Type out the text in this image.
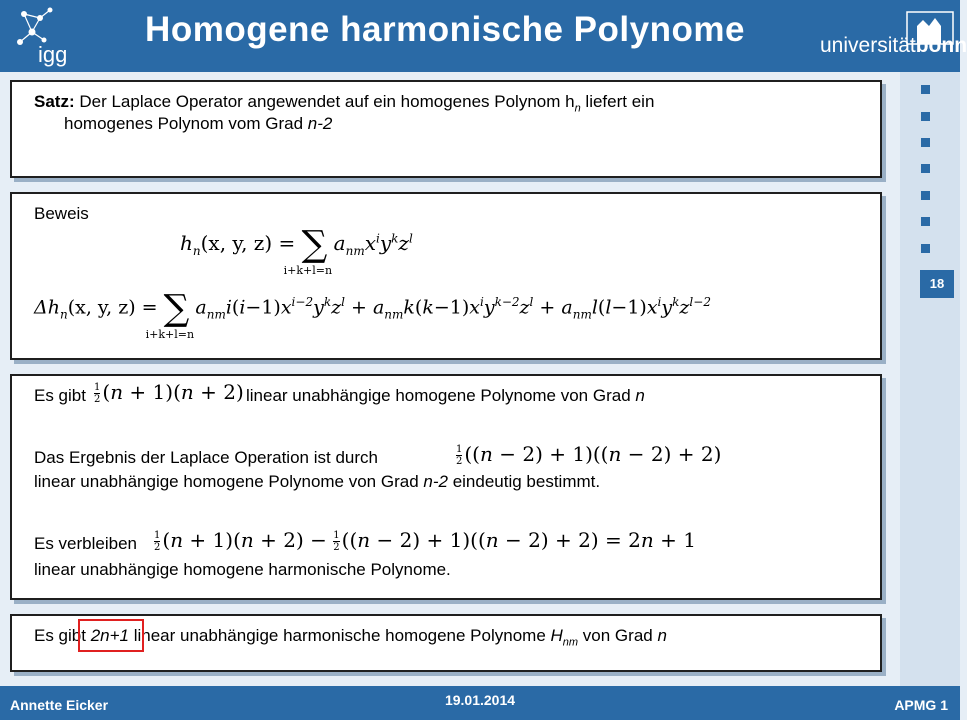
igg
Homogene harmonische Polynome	universitätbonn
18
Satz: Der Laplace Operator angewendet auf ein homogenes Polynom $h_n$ liefert ein
homogenes Polynom vom Grad n-2
Beweis
$h_n(x$, y, z) = ∑
i+k+l=n
$a_{nm}x^iy^kz^l$
$\Delta h_n(x$, y, z) = ∑
i+k+l=n
$a_{nm}i(i-1)x^{i-2}y^kz^l + a_{nm}k(k-1)x^iy^{k-2}z^l + a_{nm}l(l-1)x^iy^kz^{l-2}$
Es gibt $\frac{1}{2} (n + 1)(n + 2)$ linear unabhängige homogene Polynome von Grad n
Das Ergebnis der Laplace Operation ist durch	$\frac{1}{2} ((n - 2) + 1)((n - 2) + 2)$
linear unabhängige homogene Polynome von Grad n-2 eindeutig bestimmt.
Es verbleiben $\frac{1}{2} (n + 1)(n + 2) - \frac{1}{2} ((n - 2) + 1)((n - 2) + 2) = 2n + 1$
linear unabhängige homogene harmonische Polynome.
Es gibt 2n+1 linear unabhängige harmonische homogene Polynome $H_{nm}$ von Grad n
Annette Eicker	19.01.2014	APMG 1
